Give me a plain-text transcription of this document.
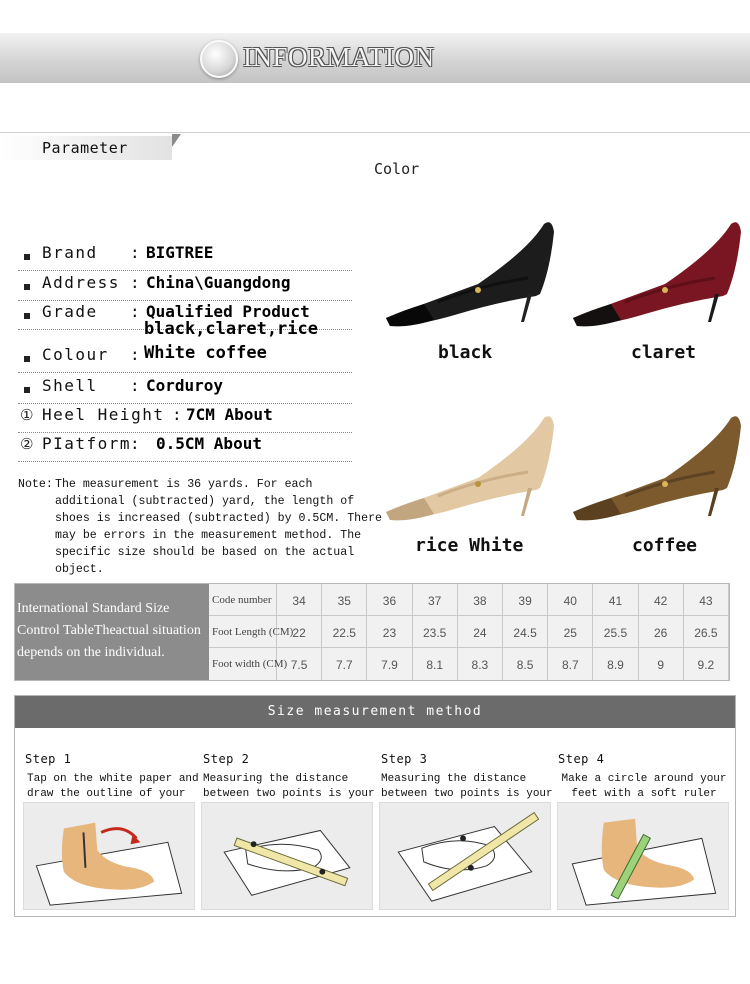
INFORMATION
Parameter
Color
Brand : BIGTREE
Address : China\Guangdong
Grade : Qualified Product
Colour :
black,claret,rice White coffee
Shell : Corduroy
① Heel Height : 7CM About
② PIatform
: 0.5CM About
Note: The measurement is 36 yards. For each additional (subtracted) yard, the length of shoes is increased (subtracted) by 0.5CM. There may be errors in the measurement method. The specific size should be based on the actual object.
black	claret
rice White	coffee
International Standard Size Control TableTheactual situation depends on the individual.
Code number	34	35	36	37	38	39	40	41	42	43
Foot Length (CM) 22	22.5	23	23.5	24	24.5	25	25.5	26	26.5
Foot width (CM) 7.5	7.7	7.9	8.1	8.3	8.5	8.7	8.9	9	9.2
Size measurement method
Step 1
Tap on the white paper and draw the outline of your footsteps
Step 2
Measuring the distance between two points is your foot length.
Step 3
Measuring the distance between two points is your foot width.
Step 4
Make a circle around your feet with a soft ruler
